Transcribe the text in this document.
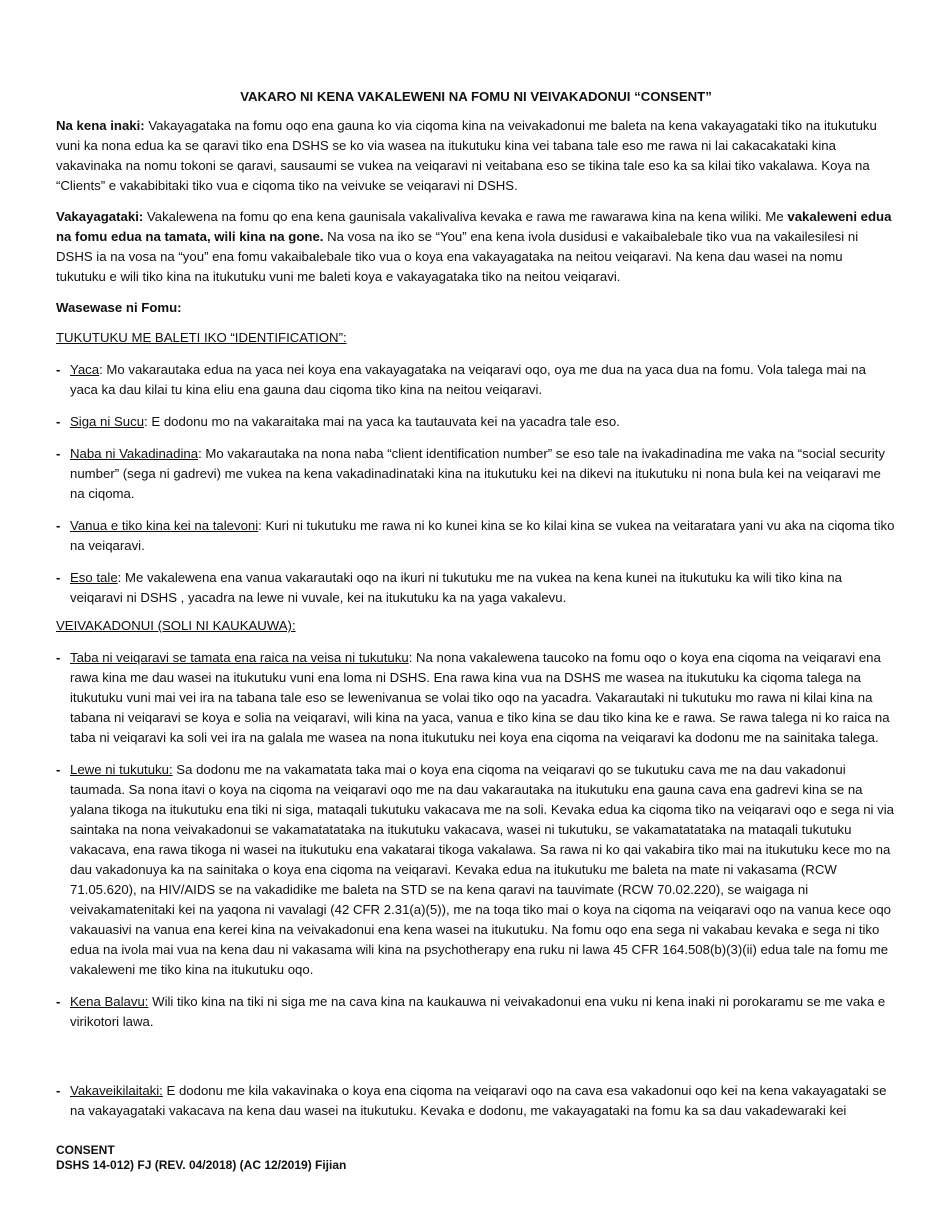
VAKARO NI KENA VAKALEWENI NA FOMU NI VEIVAKADONUI “CONSENT”

Na kena inaki: Vakayagataka na fomu oqo ena gauna ko via ciqoma kina na veivakadonui me baleta na kena vakayagataki tiko na itukutuku vuni ka nona edua ka se qaravi tiko ena DSHS se ko via wasea na itukutuku kina vei tabana tale eso me rawa ni lai cakacakataki kina vakavinaka na nomu tokoni se qaravi, sausaumi se vukea na veiqaravi ni veitabana eso se tikina tale eso ka sa kilai tiko vakalawa. Koya na “Clients” e vakabibitaki tiko vua e ciqoma tiko na veivuke se veiqaravi ni DSHS.

Vakayagataki: Vakalewena na fomu qo ena kena gaunisala vakalivaliva kevaka e rawa me rawarawa kina na kena wiliki. Me vakaleweni edua na fomu edua na tamata, wili kina na gone. Na vosa na iko se “You” ena kena ivola dusidusi e vakaibalebale tiko vua na vakailesilesi ni DSHS ia na vosa na “you” ena fomu vakaibalebale tiko vua o koya ena vakayagataka na neitou veiqaravi. Na kena dau wasei na nomu tukutuku e wili tiko kina na itukutuku vuni me baleti koya e vakayagataka tiko na neitou veiqaravi.

Wasewase ni Fomu:
TUKUTUKU ME BALETI IKO “IDENTIFICATION”:
- Yaca: Mo vakarautaka edua na yaca nei koya ena vakayagataka na veiqaravi oqo, oya me dua na yaca dua na fomu. Vola talega mai na yaca ka dau kilai tu kina eliu ena gauna dau ciqoma tiko kina na neitou veiqaravi.
- Siga ni Sucu: E dodonu mo na vakaraitaka mai na yaca ka tautauvata kei na yacadra tale eso.
- Naba ni Vakadinadina: Mo vakarautaka na nona naba “client identification number” se eso tale na ivakadinadina me vaka na “social security number” (sega ni gadrevi) me vukea na kena vakadinadinataki kina na itukutuku kei na dikevi na itukutuku ni nona bula kei na veiqaravi me na ciqoma.
- Vanua e tiko kina kei na talevoni: Kuri ni tukutuku me rawa ni ko kunei kina se ko kilai kina se vukea na veitaratara yani vu aka na ciqoma tiko na veiqaravi.
- Eso tale: Me vakalewena ena vanua vakarautaki oqo na ikuri ni tukutuku me na vukea na kena kunei na itukutuku ka wili tiko kina na veiqaravi ni DSHS , yacadra na lewe ni vuvale, kei na itukutuku ka na yaga vakalevu.
VEIVAKADONUI (SOLI NI KAUKAUWA):
- Taba ni veiqaravi se tamata ena raica na veisa ni tukutuku: Na nona vakalewena taucoko na fomu oqo o koya ena ciqoma na veiqaravi ena rawa kina me dau wasei na itukutuku vuni ena loma ni DSHS. Ena rawa kina vua na DSHS me wasea na itukutuku ka ciqoma talega na itukutuku vuni mai vei ira na tabana tale eso se lewenivanua se volai tiko oqo na yacadra. Vakarautaki ni tukutuku mo rawa ni kilai kina na tabana ni veiqaravi se koya e solia na veiqaravi, wili kina na yaca, vanua e tiko kina se dau tiko kina ke e rawa. Se rawa talega ni ko raica na taba ni veiqaravi ka soli vei ira na galala me wasea na nona itukutuku nei koya ena ciqoma na veiqaravi ka dodonu me na sainitaka talega.
- Lewe ni tukutuku: Sa dodonu me na vakamatata taka mai o koya ena ciqoma na veiqaravi qo se tukutuku cava me na dau vakadonui taumada. Sa nona itavi o koya na ciqoma na veiqaravi oqo me na dau vakarautaka na itukutuku ena gauna cava ena gadrevi kina se na yalana tikoga na itukutuku ena tiki ni siga, mataqali tukutuku vakacava me na soli. Kevaka edua ka ciqoma tiko na veiqaravi oqo e sega ni via saintaka na nona veivakadonui se vakamatatataka na itukutuku vakacava, wasei ni tukutuku, se vakamatatataka na mataqali tukutuku vakacava, ena rawa tikoga ni wasei na itukutuku ena vakatarai tikoga vakalawa. Sa rawa ni ko qai vakabira tiko mai na itukutuku kece mo na dau vakadonuya ka na sainitaka o koya ena ciqoma na veiqaravi. Kevaka edua na itukutuku me baleta na mate ni vakasama (RCW 71.05.620), na HIV/AIDS se na vakadidike me baleta na STD se na kena qaravi na tauvimate (RCW 70.02.220), se waigaga ni veivakamatenitaki kei na yaqona ni vavalagi (42 CFR 2.31(a)(5)), me na toqa tiko mai o koya na ciqoma na veiqaravi oqo na vanua kece oqo vakauasivi na vanua ena kerei kina na veivakadonui ena kena wasei na itukutuku. Na fomu oqo ena sega ni vakabau kevaka e sega ni tiko edua na ivola mai vua na kena dau ni vakasama wili kina na psychotherapy ena ruku ni lawa 45 CFR 164.508(b)(3)(ii) edua tale na fomu me vakaleweni me tiko kina na itukutuku oqo.
- Kena Balavu: Wili tiko kina na tiki ni siga me na cava kina na kaukauwa ni veivakadonui ena vuku ni kena inaki ni porokaramu se me vaka e virikotori lawa.
- Vakaveikilaitaki: E dodonu me kila vakavinaka o koya ena ciqoma na veiqaravi oqo na cava esa vakadonui oqo kei na kena vakayagataki se na vakayagataki vakacava na kena dau wasei na itukutuku. Kevaka e dodonu, me vakayagataki na fomu ka sa dau vakadewaraki kei
CONSENT
DSHS 14-012) FJ (REV. 04/2018) (AC 12/2019) Fijian
